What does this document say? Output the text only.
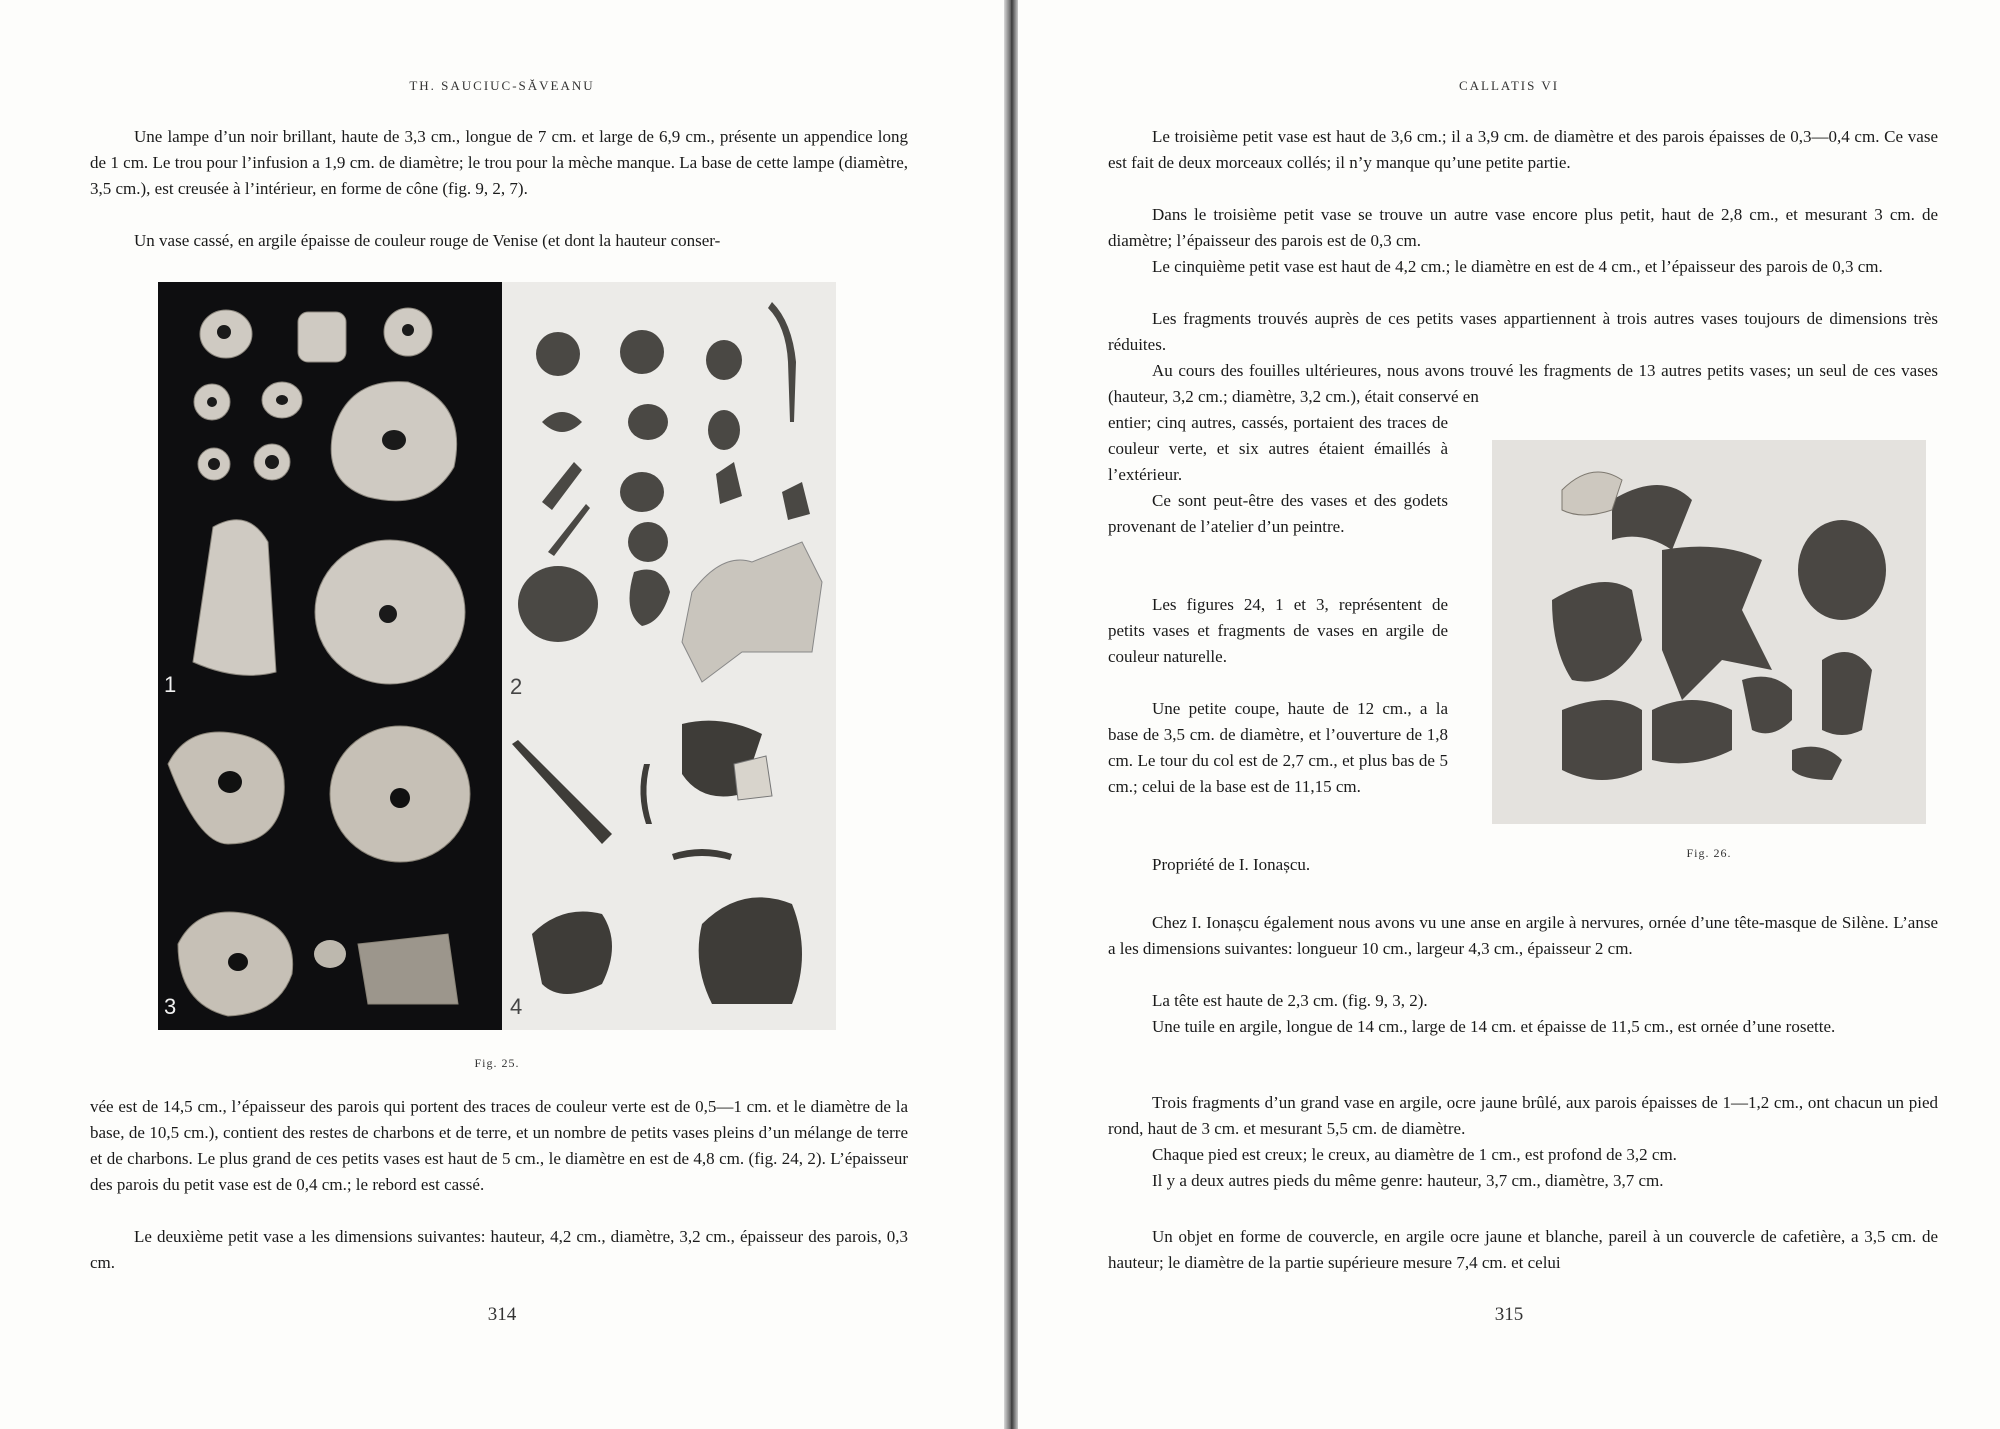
TH. SAUCIUC-SĂVEANU

Une lampe d’un noir brillant, haute de 3,3 cm., longue de 7 cm. et large de 6,9 cm., présente un appendice long de 1 cm. Le trou pour l’infusion a 1,9 cm. de diamètre; le trou pour la mèche manque. La base de cette lampe (diamètre, 3,5 cm.), est creusée à l’intérieur, en forme de cône (fig. 9, 2, 7).

Un vase cassé, en argile épaisse de couleur rouge de Venise (et dont la hauteur conser-

1	2
3	4
Fig. 25.

vée est de 14,5 cm., l’épaisseur des parois qui portent des traces de couleur verte est de 0,5—1 cm. et le diamètre de la base, de 10,5 cm.), contient des restes de charbons et de terre, et un nombre de petits vases pleins d’un mélange de terre et de charbons. Le plus grand de ces petits vases est haut de 5 cm., le diamètre en est de 4,8 cm. (fig. 24, 2). L’épaisseur des parois du petit vase est de 0,4 cm.; le rebord est cassé.

Le deuxième petit vase a les dimensions suivantes: hauteur, 4,2 cm., diamètre, 3,2 cm., épaisseur des parois, 0,3 cm.

314
CALLATIS VI

Le troisième petit vase est haut de 3,6 cm.; il a 3,9 cm. de diamètre et des parois épaisses de 0,3—0,4 cm. Ce vase est fait de deux morceaux collés; il n’y manque qu’une petite partie.

Dans le troisième petit vase se trouve un autre vase encore plus petit, haut de 2,8 cm., et mesurant 3 cm. de diamètre; l’épaisseur des parois est de 0,3 cm.

Le cinquième petit vase est haut de 4,2 cm.; le diamètre en est de 4 cm., et l’épaisseur des parois de 0,3 cm.

Les fragments trouvés auprès de ces petits vases appartiennent à trois autres vases toujours de dimensions très réduites.

Au cours des fouilles ultérieures, nous avons trouvé les fragments de 13 autres petits vases; un seul de ces vases (hauteur, 3,2 cm.; diamètre, 3,2 cm.), était conservé en

entier; cinq autres, cassés, portaient des traces de couleur verte, et six autres étaient émaillés à l’extérieur.

Ce sont peut-être des vases et des godets provenant de l’atelier d’un peintre.

Les figures 24, 1 et 3, représentent de petits vases et fragments de vases en argile de couleur naturelle.

Une petite coupe, haute de 12 cm., a la base de 3,5 cm. de diamètre, et l’ouverture de 1,8 cm. Le tour du col est de 2,7 cm., et plus bas de 5 cm.; celui de la base est de 11,15 cm.

Propriété de I. Ionașcu.

Fig. 26.

Chez I. Ionașcu également nous avons vu une anse en argile à nervures, ornée d’une tête-masque de Silène. L’anse a les dimensions suivantes: longueur 10 cm., largeur 4,3 cm., épaisseur 2 cm.

La tête est haute de 2,3 cm. (fig. 9, 3, 2).

Une tuile en argile, longue de 14 cm., large de 14 cm. et épaisse de 11,5 cm., est ornée d’une rosette.

Trois fragments d’un grand vase en argile, ocre jaune brûlé, aux parois épaisses de 1—1,2 cm., ont chacun un pied rond, haut de 3 cm. et mesurant 5,5 cm. de diamètre.

Chaque pied est creux; le creux, au diamètre de 1 cm., est profond de 3,2 cm.

Il y a deux autres pieds du même genre: hauteur, 3,7 cm., diamètre, 3,7 cm.

Un objet en forme de couvercle, en argile ocre jaune et blanche, pareil à un couvercle de cafetière, a 3,5 cm. de hauteur; le diamètre de la partie supérieure mesure 7,4 cm. et celui

315
